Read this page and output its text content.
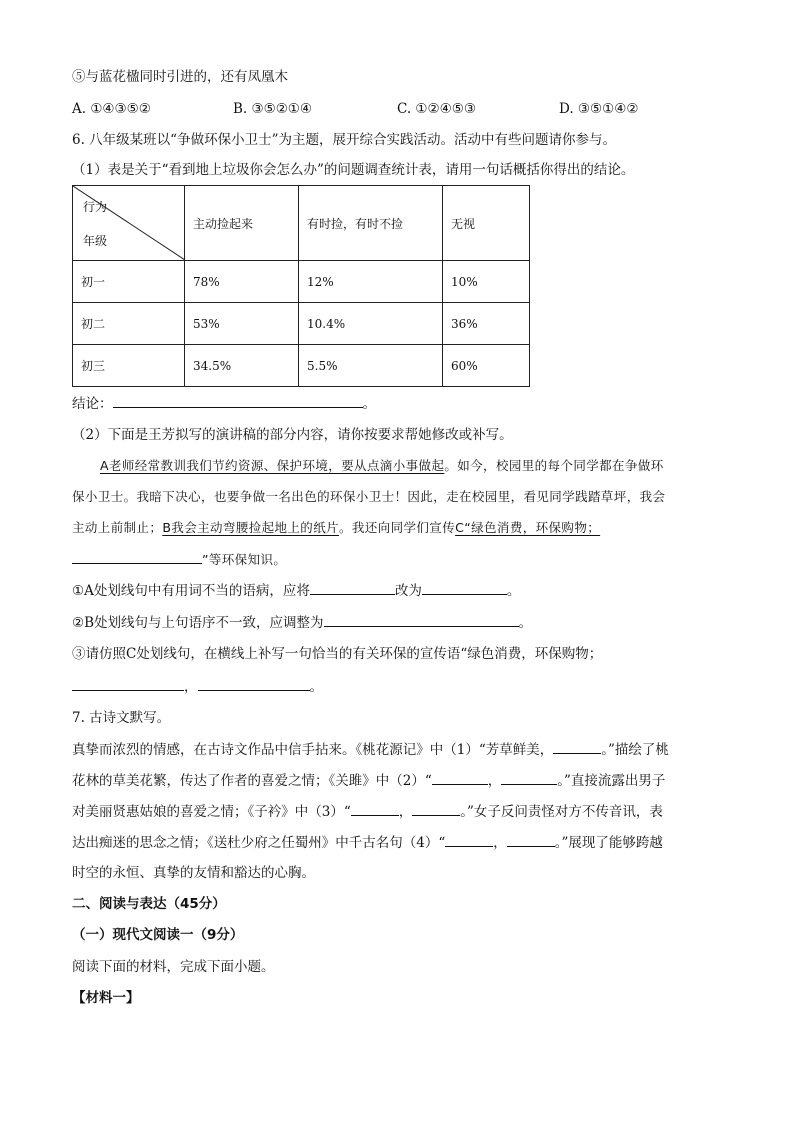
⑤与蓝花楹同时引进的，还有凤凰木
A. ①④③⑤②	B. ③⑤②①④	C. ①②④⑤③	D. ③⑤①④②
6. 八年级某班以“争做环保小卫士”为主题，展开综合实践活动。活动中有些问题请你参与。
（1）表是关于“看到地上垃圾你会怎么办”的问题调查统计表，请用一句话概括你得出的结论。
行为
年级	主动捡起来	有时捡，有时不捡	无视
初一	78%	12%	10%
初二	53%	10.4%	36%
初三	34.5%	5.5%	60%
结论：	。
（2）下面是王芳拟写的演讲稿的部分内容，请你按要求帮她修改或补写。
A老师经常教训我们节约资源、保护环境，要从点滴小事做起。如今，校园里的每个同学都在争做环
保小卫士。我暗下决心，也要争做一名出色的环保小卫士！因此，走在校园里，看见同学践踏草坪，我会
主动上前制止；B我会主动弯腰捡起地上的纸片。我还向同学们宣传C“绿色消费，环保购物；
”等环保知识。
①A处划线句中有用词不当的语病，应将	改为	。
②B处划线句与上句语序不一致，应调整为	。
③请仿照C处划线句，在横线上补写一句恰当的有关环保的宣传语“绿色消费，环保购物；
，	。
7. 古诗文默写。
真挚而浓烈的情感，在古诗文作品中信手拈来。《桃花源记》中（1）“芳草鲜美，	。”描绘了桃
花林的草美花繁，传达了作者的喜爱之情；《关雎》中（2）“	，	。”直接流露出男子
对美丽贤惠姑娘的喜爱之情；《子衿》中（3）“	，	。”女子反问责怪对方不传音讯，表
达出痴迷的思念之情；《送杜少府之任蜀州》中千古名句（4）“	，	。”展现了能够跨越
时空的永恒、真挚的友情和豁达的心胸。
二、阅读与表达（45分）
（一）现代文阅读一（9分）
阅读下面的材料，完成下面小题。
【材料一】
